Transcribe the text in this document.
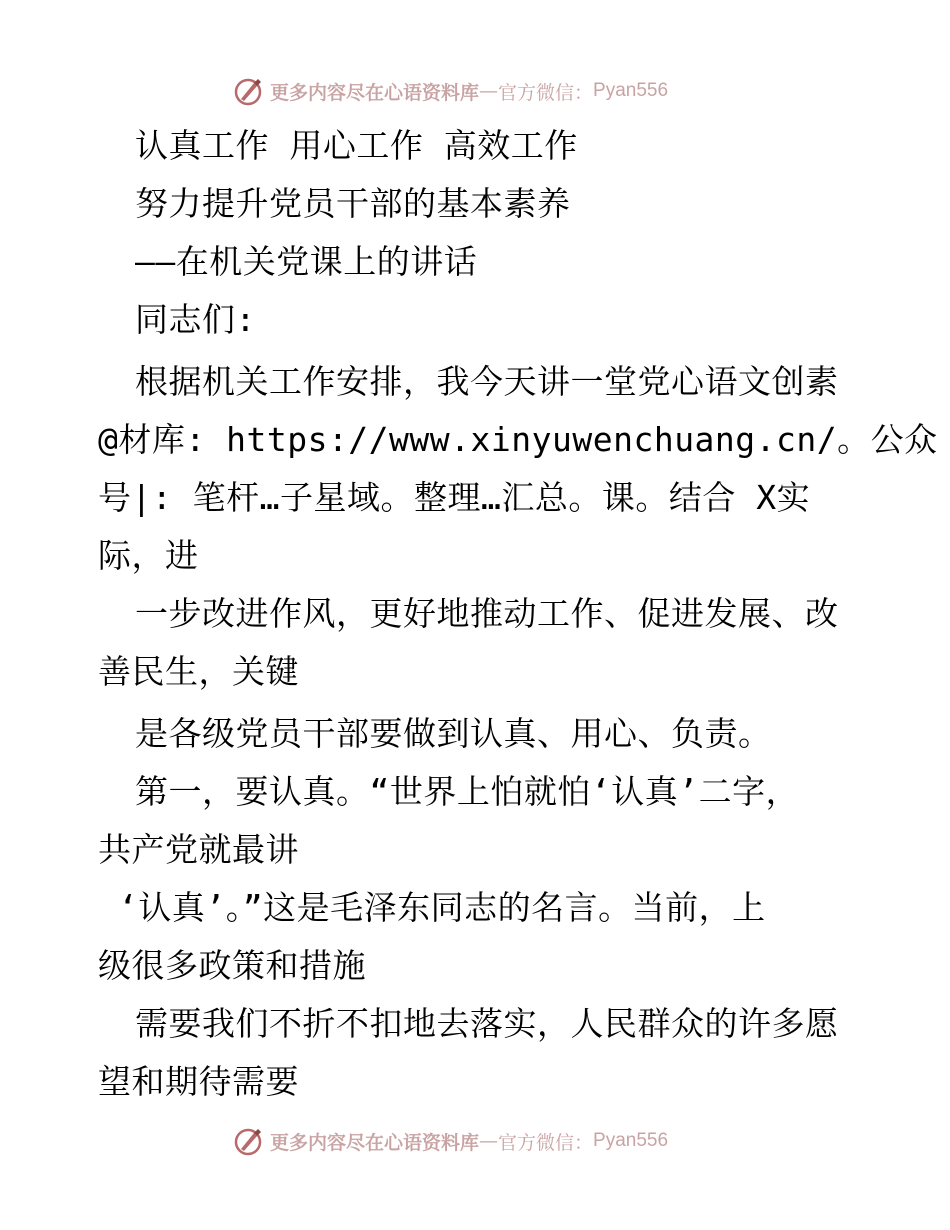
更多内容尽在心语资料库 — 官方微信： Pyan556
认真工作 用心工作 高效工作
努力提升党员干部的基本素养
——在机关党课上的讲话
同志们:
根据机关工作安排，我今天讲一堂党心语文创素
@材库: https://www.xinyuwenchuang.cn/。公众
号|: 笔杆…子星域。整理…汇总。课。结合 X实
际，进
一步改进作风，更好地推动工作、促进发展、改
善民生，关键
是各级党员干部要做到认真、用心、负责。
第一，要认真。“世界上怕就怕‘认真’二字，
共产党就最讲
‘认真’。”这是毛泽东同志的名言。当前，上
级很多政策和措施
需要我们不折不扣地去落实，人民群众的许多愿
望和期待需要
更多内容尽在心语资料库 — 官方微信： Pyan556
